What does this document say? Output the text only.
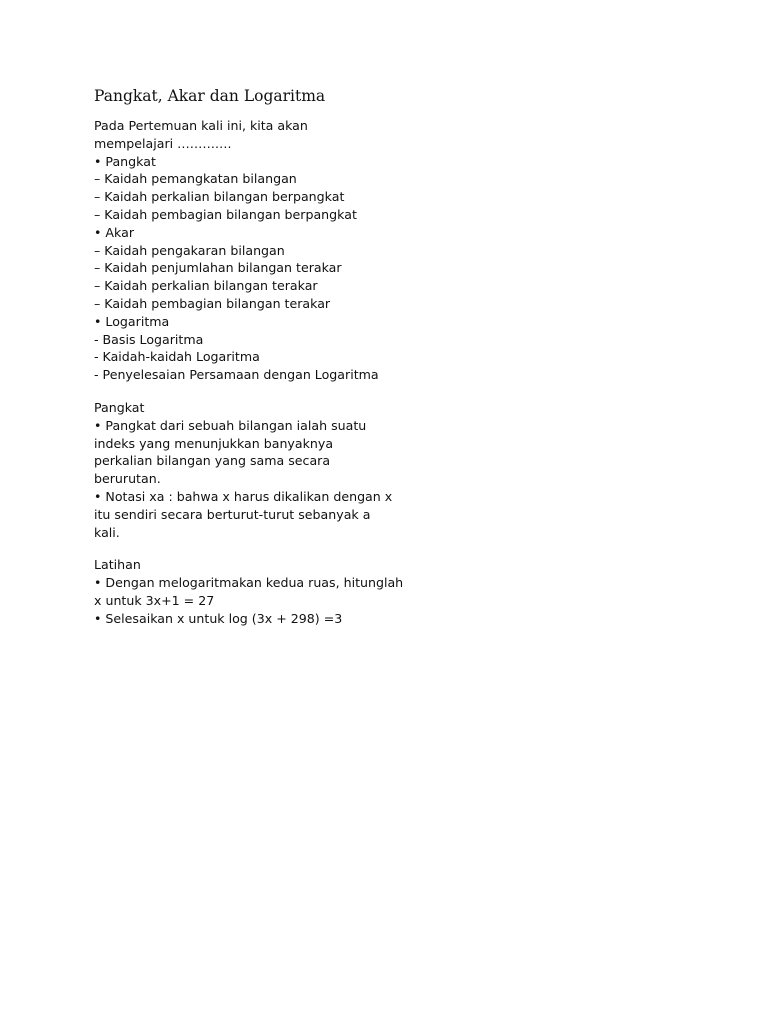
Pangkat, Akar dan Logaritma
Pada Pertemuan kali ini, kita akan
mempelajari ………….
• Pangkat
– Kaidah pemangkatan bilangan
– Kaidah perkalian bilangan berpangkat
– Kaidah pembagian bilangan berpangkat
• Akar
– Kaidah pengakaran bilangan
– Kaidah penjumlahan bilangan terakar
– Kaidah perkalian bilangan terakar
– Kaidah pembagian bilangan terakar
• Logaritma
- Basis Logaritma
- Kaidah-kaidah Logaritma
- Penyelesaian Persamaan dengan Logaritma
Pangkat
• Pangkat dari sebuah bilangan ialah suatu
indeks yang menunjukkan banyaknya
perkalian bilangan yang sama secara
berurutan.
• Notasi xa : bahwa x harus dikalikan dengan x
itu sendiri secara berturut-turut sebanyak a
kali.
Latihan
• Dengan melogaritmakan kedua ruas, hitunglah
x untuk 3x+1 = 27
• Selesaikan x untuk log (3x + 298) =3
